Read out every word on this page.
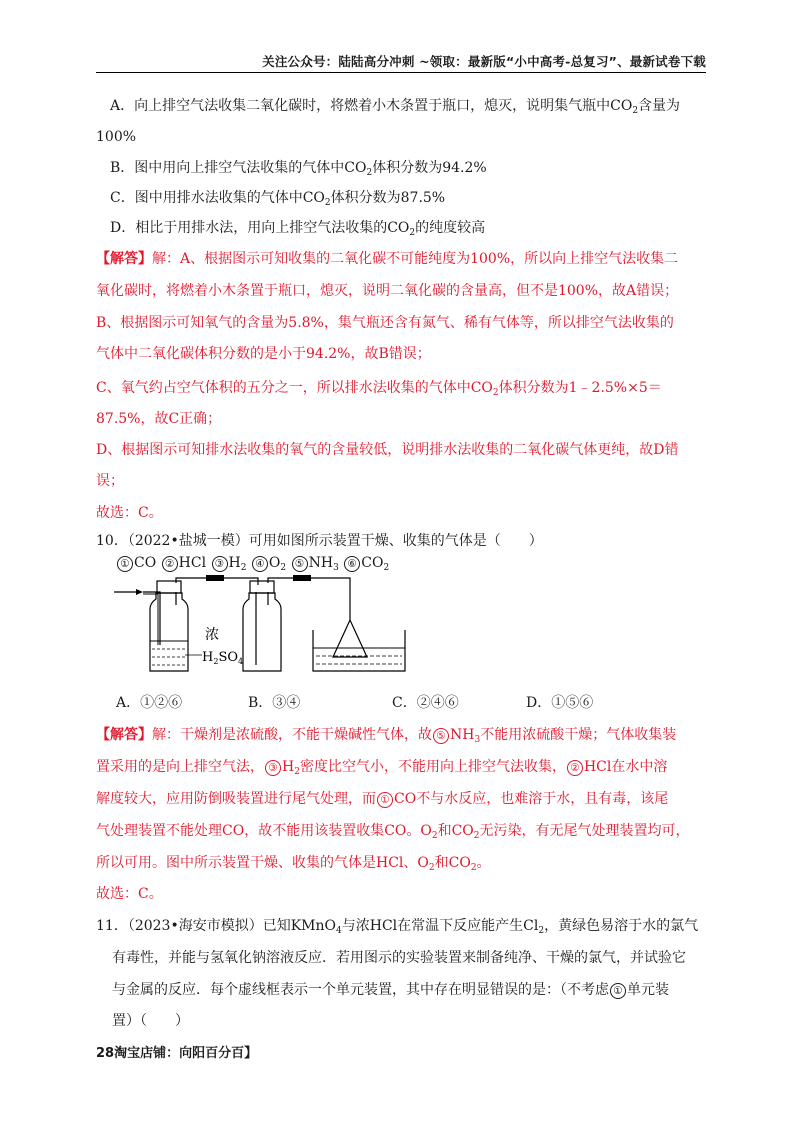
关注公众号：陆陆高分冲刺 ~领取：最新版“小中高考-总复习”、最新试卷下载
A．向上排空气法收集二氧化碳时，将燃着小木条置于瓶口，熄灭，说明集气瓶中$CO_2$含量为
100%
B．图中用向上排空气法收集的气体中$CO_2$体积分数为94.2%
C．图中用排水法收集的气体中$CO_2$体积分数为87.5%
D．相比于用排水法，用向上排空气法收集的$CO_2$的纯度较高
【解答】解：A、根据图示可知收集的二氧化碳不可能纯度为100%，所以向上排空气法收集二
氧化碳时，将燃着小木条置于瓶口，熄灭，说明二氧化碳的含量高，但不是100%，故A错误；
B、根据图示可知氧气的含量为5.8%，集气瓶还含有氮气、稀有气体等，所以排空气法收集的
气体中二氧化碳体积分数的是小于94.2%，故B错误；
C、氧气约占空气体积的五分之一，所以排水法收集的气体中$CO_2$体积分数为1﹣2.5%×5＝
87.5%，故C正确；
D、根据图示可知排水法收集的氧气的含量较低，说明排水法收集的二氧化碳气体更纯，故D错
误；
故选：C。
10．（2022•盐城一模）可用如图所示装置干燥、收集的气体是（　　）
① CO ② HCl ③ $H_2$ ④ $O_2$ ⑤ $NH_3$ ⑥ $CO_2$
浓
$H_2SO_4$
A．①②⑥	B．③④	C．②④⑥	D．①⑤⑥
【解答】解：干燥剂是浓硫酸，不能干燥碱性气体，故 ⑤ $NH_3$不能用浓硫酸干燥；气体收集装
置采用的是向上排空气法， ③ $H_2$密度比空气小，不能用向上排空气法收集， ② HCl在水中溶
解度较大，应用防倒吸装置进行尾气处理，而 ① CO不与水反应，也难溶于水，且有毒，该尾
气处理装置不能处理CO，故不能用该装置收集CO。$O_2$和$CO_2$无污染，有无尾气处理装置均可，
所以可用。图中所示装置干燥、收集的气体是HCl、$O_2$和$CO_2$。
故选：C。
11．（2023•海安市模拟）已知KMnO$_4$与浓HCl在常温下反应能产生$Cl_2$，黄绿色易溶于水的氯气
有毒性，并能与氢氧化钠溶液反应．若用图示的实验装置来制备纯净、干燥的氯气，并试验它
与金属的反应．每个虚线框表示一个单元装置，其中存在明显错误的是：（不考虑 ① 单元装
置）（　　）
28淘宝店铺：向阳百分百】
